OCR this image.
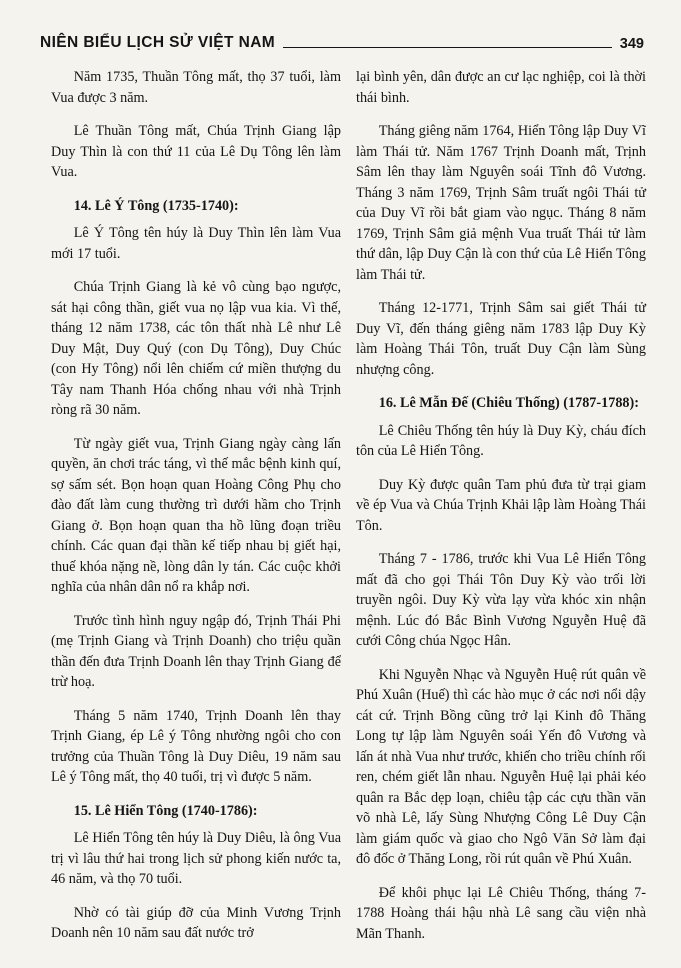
NIÊN BIỂU LỊCH SỬ VIỆT NAM	349

Năm 1735, Thuần Tông mất, thọ 37 tuổi, làm Vua được 3 năm.

Lê Thuần Tông mất, Chúa Trịnh Giang lập Duy Thìn là con thứ 11 của Lê Dụ Tông lên làm Vua.

14. Lê Ý Tông (1735-1740):

Lê Ý Tông tên húy là Duy Thìn lên làm Vua mới 17 tuổi.

Chúa Trịnh Giang là kẻ vô cùng bạo ngược, sát hại công thần, giết vua nọ lập vua kia. Vì thế, tháng 12 năm 1738, các tôn thất nhà Lê như Lê Duy Mật, Duy Quý (con Dụ Tông), Duy Chúc (con Hy Tông) nổi lên chiếm cứ miền thượng du Tây nam Thanh Hóa chống nhau với nhà Trịnh ròng rã 30 năm.

Từ ngày giết vua, Trịnh Giang ngày càng lấn quyền, ăn chơi trác táng, vì thế mắc bệnh kinh quí, sợ sấm sét. Bọn hoạn quan Hoàng Công Phụ cho đào đất làm cung thường trì dưới hầm cho Trịnh Giang ở. Bọn hoạn quan tha hồ lũng đoạn triều chính. Các quan đại thần kế tiếp nhau bị giết hại, thuế khóa nặng nề, lòng dân ly tán. Các cuộc khởi nghĩa của nhân dân nổ ra khắp nơi.

Trước tình hình nguy ngập đó, Trịnh Thái Phi (mẹ Trịnh Giang và Trịnh Doanh) cho triệu quần thần đến đưa Trịnh Doanh lên thay Trịnh Giang để trừ hoạ.

Tháng 5 năm 1740, Trịnh Doanh lên thay Trịnh Giang, ép Lê ý Tông nhường ngôi cho con trưởng của Thuần Tông là Duy Diêu, 19 năm sau Lê ý Tông mất, thọ 40 tuổi, trị vì được 5 năm.

15. Lê Hiển Tông (1740-1786):

Lê Hiển Tông tên húy là Duy Diêu, là ông Vua trị vì lâu thứ hai trong lịch sử phong kiến nước ta, 46 năm, và thọ 70 tuổi.

Nhờ có tài giúp đỡ của Minh Vương Trịnh Doanh nên 10 năm sau đất nước trở

lại bình yên, dân được an cư lạc nghiệp, coi là thời thái bình.

Tháng giêng năm 1764, Hiển Tông lập Duy Vĩ làm Thái tử. Năm 1767 Trịnh Doanh mất, Trịnh Sâm lên thay làm Nguyên soái Tĩnh đô Vương. Tháng 3 năm 1769, Trịnh Sâm truất ngôi Thái tử của Duy Vĩ rồi bắt giam vào ngục. Tháng 8 năm 1769, Trịnh Sâm giả mệnh Vua truất Thái tử làm thứ dân, lập Duy Cận là con thứ của Lê Hiển Tông làm Thái tử.

Tháng 12-1771, Trịnh Sâm sai giết Thái tử Duy Vĩ, đến tháng giêng năm 1783 lập Duy Kỳ làm Hoàng Thái Tôn, truất Duy Cận làm Sùng nhượng công.

16. Lê Mẫn Đế (Chiêu Thống) (1787-1788):

Lê Chiêu Thống tên húy là Duy Kỳ, cháu đích tôn của Lê Hiển Tông.

Duy Kỳ được quân Tam phủ đưa từ trại giam về ép Vua và Chúa Trịnh Khải lập làm Hoàng Thái Tôn.

Tháng 7 - 1786, trước khi Vua Lê Hiển Tông mất đã cho gọi Thái Tôn Duy Kỳ vào trối lời truyền ngôi. Duy Kỳ vừa lạy vừa khóc xin nhận mệnh. Lúc đó Bắc Bình Vương Nguyễn Huệ đã cưới Công chúa Ngọc Hân.

Khi Nguyễn Nhạc và Nguyễn Huệ rút quân về Phú Xuân (Huế) thì các hào mục ở các nơi nổi dậy cát cứ. Trịnh Bồng cũng trở lại Kinh đô Thăng Long tự lập làm Nguyên soái Yến đô Vương và lấn át nhà Vua như trước, khiến cho triều chính rối ren, chém giết lẫn nhau. Nguyễn Huệ lại phải kéo quân ra Bắc dẹp loạn, chiêu tập các cựu thần văn võ nhà Lê, lấy Sùng Nhượng Công Lê Duy Cận làm giám quốc và giao cho Ngô Văn Sở làm đại đô đốc ở Thăng Long, rồi rút quân về Phú Xuân.

Để khôi phục lại Lê Chiêu Thống, tháng 7-1788 Hoàng thái hậu nhà Lê sang cầu viện nhà Mãn Thanh.
